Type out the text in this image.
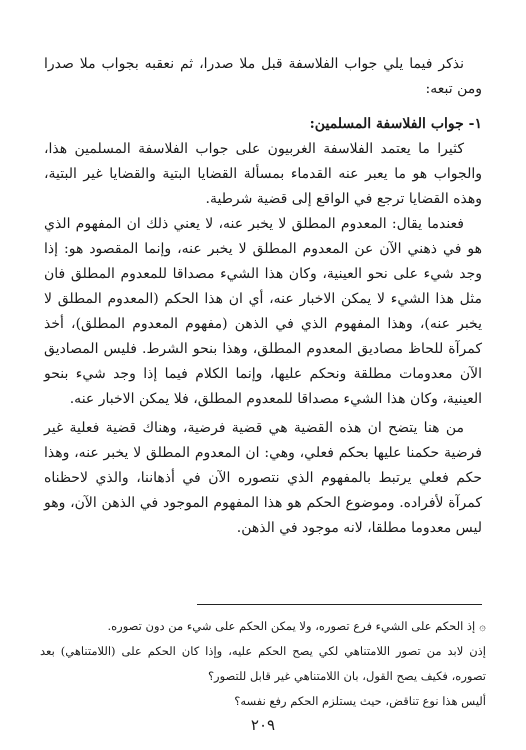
نذكر فيما يلي جواب الفلاسفة قبل ملا صدرا، ثم نعقبه بجواب ملا صدرا ومن تبعه:

١- جواب الفلاسفة المسلمين:

كثيرا ما يعتمد الفلاسفة الغربيون على جواب الفلاسفة المسلمين هذا، والجواب هو ما يعبر عنه القدماء بمسألة القضايا البتية والقضايا غير البتية، وهذه القضايا ترجع في الواقع إلى قضية شرطية.

فعندما يقال: المعدوم المطلق لا يخبر عنه، لا يعني ذلك ان المفهوم الذي هو في ذهني الآن عن المعدوم المطلق لا يخبر عنه، وإنما المقصود هو: إذا وجد شيء على نحو العينية، وكان هذا الشيء مصداقا للمعدوم المطلق فان مثل هذا الشيء لا يمكن الاخبار عنه، أي ان هذا الحكم (المعدوم المطلق لا يخبر عنه)، وهذا المفهوم الذي في الذهن (مفهوم المعدوم المطلق)، أخذ كمرآة للحاظ مصاديق المعدوم المطلق، وهذا بنحو الشرط. فليس المصاديق الآن معدومات مطلقة ونحكم عليها، وإنما الكلام فيما إذا وجد شيء بنحو العينية، وكان هذا الشيء مصداقا للمعدوم المطلق، فلا يمكن الاخبار عنه.

من هنا يتضح ان هذه القضية هي قضية فرضية، وهناك قضية فعلية غير فرضية حكمنا عليها بحكم فعلي، وهي: ان المعدوم المطلق لا يخبر عنه، وهذا حكم فعلي يرتبط بالمفهوم الذي نتصوره الآن في أذهاننا، والذي لاحظناه كمرآة لأفراده. وموضوع الحكم هو هذا المفهوم الموجود في الذهن الآن، وهو ليس معدوما مطلقا، لانه موجود في الذهن.

۞إذ الحكم على الشيء فرع تصوره، ولا يمكن الحكم على شيء من دون تصوره.

إذن لابد من تصور اللامتناهي لكي يصح الحكم عليه، وإذا كان الحكم على (اللامتناهي) بعد تصوره، فكيف يصح القول، بان اللامتناهي غير قابل للتصور؟

أليس هذا نوع تناقض، حيث يستلزم الحكم رفع نفسه؟

٢٠٩
